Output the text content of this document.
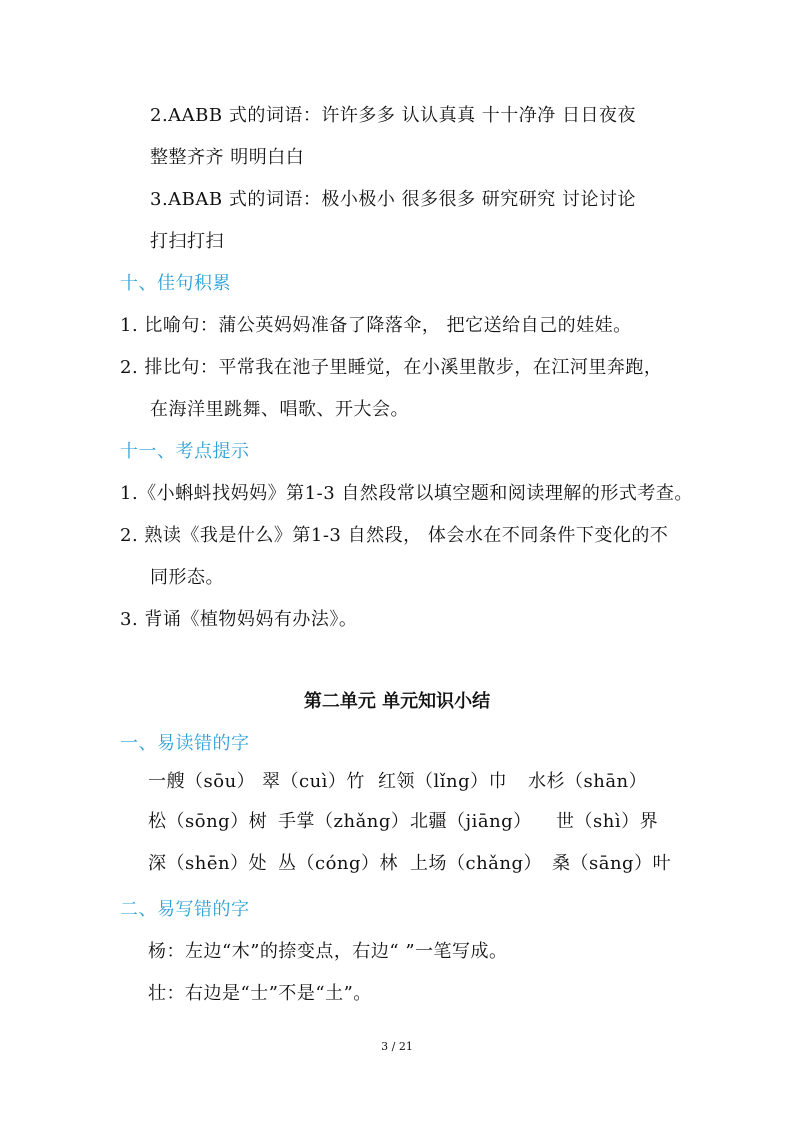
2.AABB 式的词语：许许多多 认认真真 十十净净 日日夜夜
整整齐齐 明明白白
3.ABAB 式的词语：极小极小 很多很多 研究研究 讨论讨论
打扫打扫
十、佳句积累
1. 比喻句：蒲公英妈妈准备了降落伞， 把它送给自己的娃娃。
2. 排比句：平常我在池子里睡觉，在小溪里散步，在江河里奔跑，
在海洋里跳舞、唱歌、开大会。
十一、考点提示
1.《小蝌蚪找妈妈》第1-3 自然段常以填空题和阅读理解的形式考查。
2. 熟读《我是什么》第1-3 自然段， 体会水在不同条件下变化的不
同形态。
3. 背诵《植物妈妈有办法》。
第二单元 单元知识小结
一、易读错的字
一艘（sōu） 翠（cuì）竹 红领（lǐng）巾 水杉（shān）
松（sōng）树 手掌（zhǎng） 北疆（jiāng） 世（shì）界
深（shēn）处 丛（cóng）林 上场（chǎng） 桑（sāng）叶
二、易写错的字
杨：左边“木”的捺变点，右边“ ”一笔写成。
壮：右边是“士”不是“土”。
3 / 21
